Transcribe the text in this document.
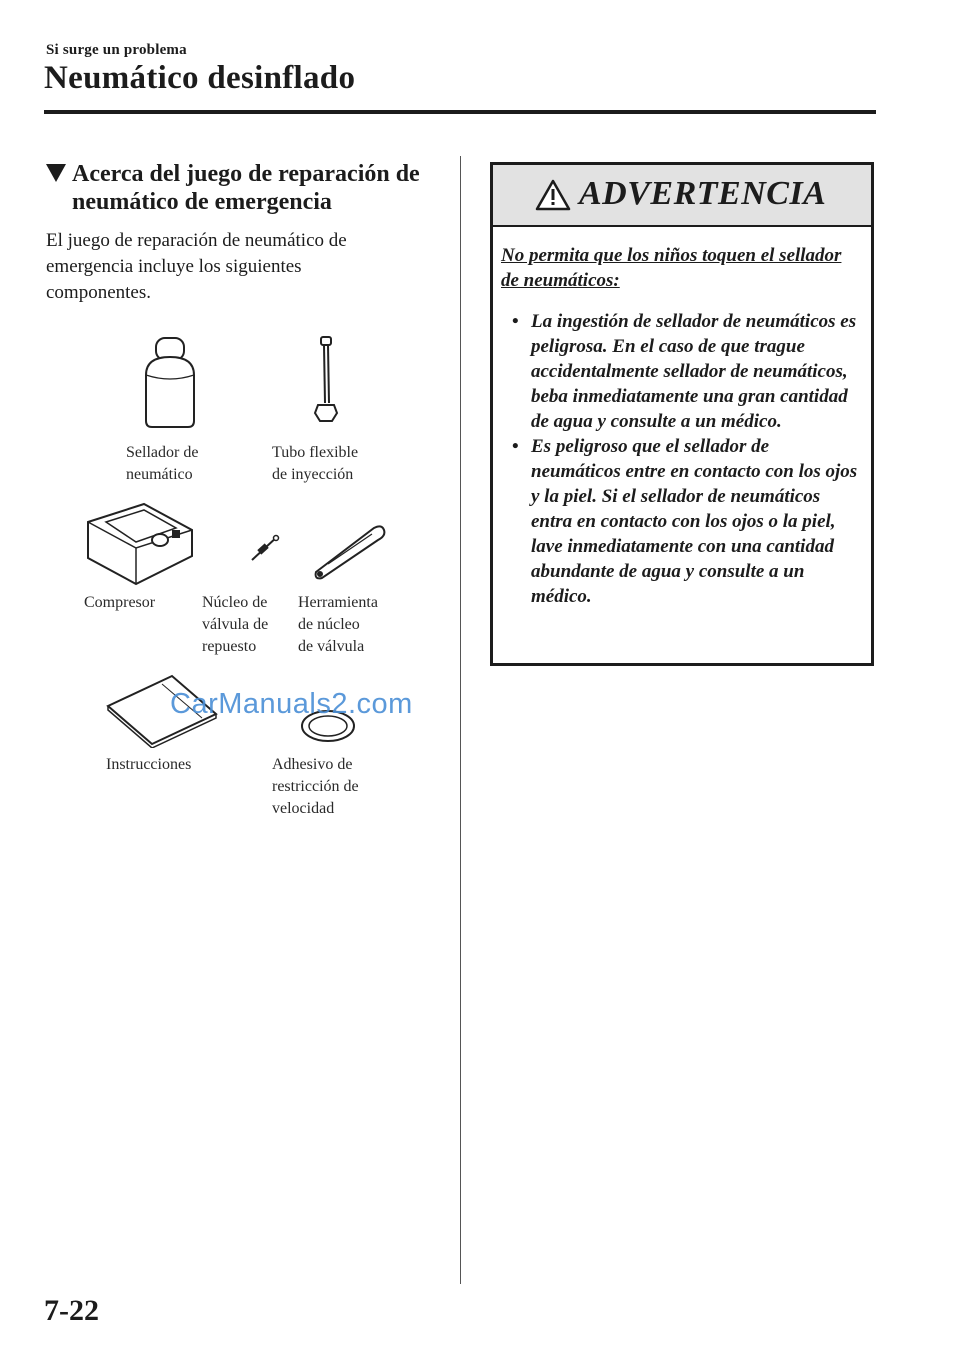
Si surge un problema
Neumático desinflado
Acerca del juego de reparación de
neumático de emergencia
El juego de reparación de neumático de emergencia incluye los siguientes componentes.
Sellador de
neumático
Tubo flexible
de inyección
Compresor	Núcleo de
válvula de
repuesto
Herramienta
de núcleo
de válvula
CarManuals2.com
Instrucciones	Adhesivo de
restricción de
velocidad
ADVERTENCIA
No permita que los niños toquen el sellador de neumáticos:
• La ingestión de sellador de neumáticos es peligrosa. En el caso de que trague accidentalmente sellador de neumáticos, beba inmediatamente una gran cantidad de agua y consulte a un médico.
• Es peligroso que el sellador de neumáticos entre en contacto con los ojos y la piel. Si el sellador de neumáticos entra en contacto con los ojos o la piel, lave inmediatamente con una cantidad abundante de agua y consulte a un médico.
7-22
